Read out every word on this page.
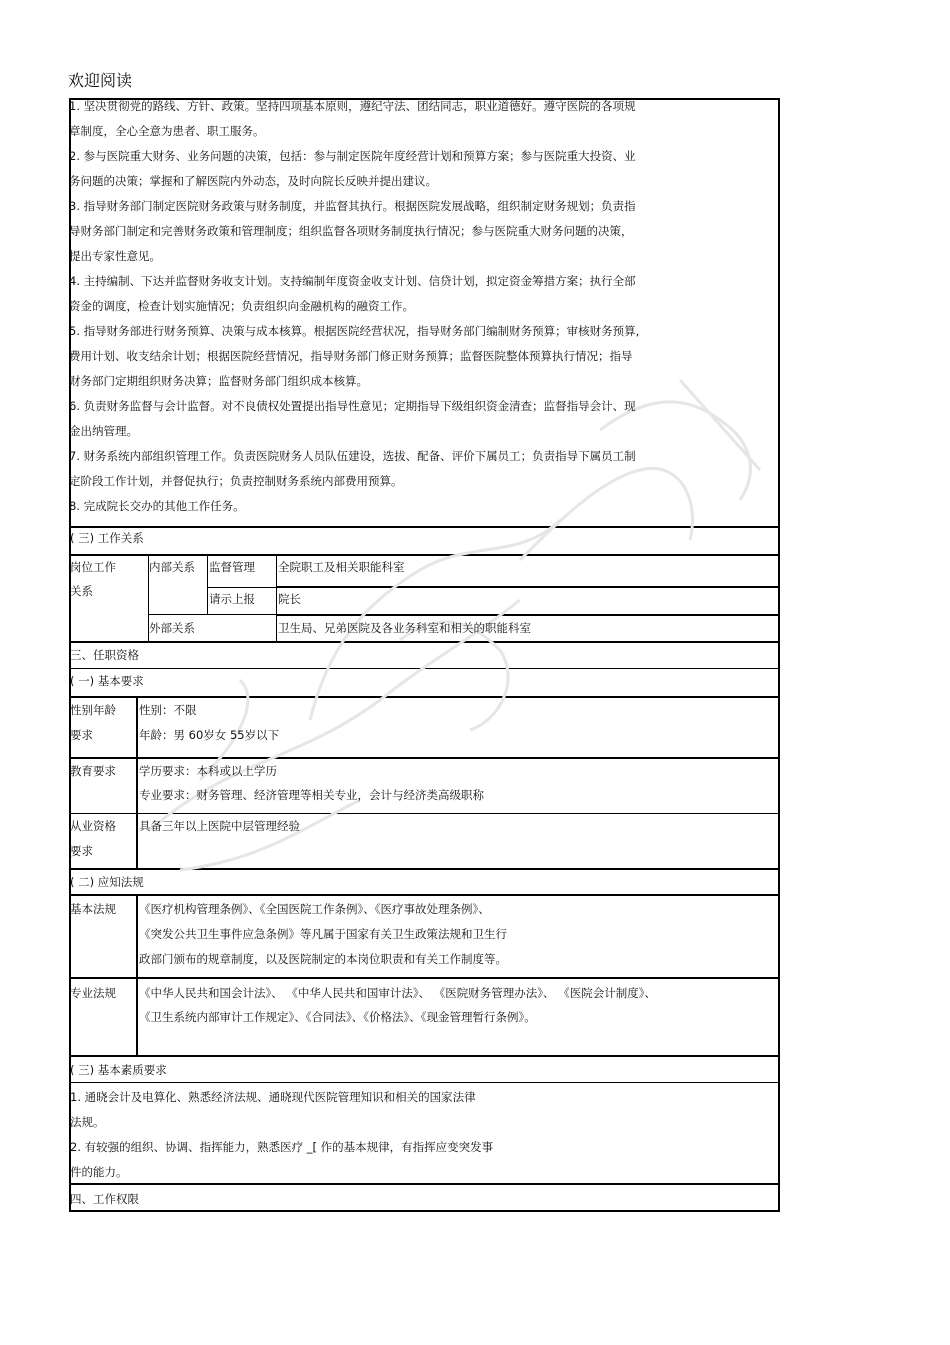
欢迎阅读
1. 坚决贯彻党的路线、方针、政策。坚持四项基本原则，遵纪守法、团结同志，职业道德好。遵守医院的各项规
章制度，全心全意为患者、职工服务。
2. 参与医院重大财务、业务问题的决策，包括：参与制定医院年度经营计划和预算方案；参与医院重大投资、业
务问题的决策；掌握和了解医院内外动态，及时向院长反映并提出建议。
3. 指导财务部门制定医院财务政策与财务制度，并监督其执行。根据医院发展战略，组织制定财务规划；负责指
导财务部门制定和完善财务政策和管理制度；组织监督各项财务制度执行情况；参与医院重大财务问题的决策，
提出专家性意见。
4. 主持编制、下达并监督财务收支计划。支持编制年度资金收支计划、信贷计划，拟定资金筹措方案；执行全部
资金的调度，检查计划实施情况；负责组织向金融机构的融资工作。
5. 指导财务部进行财务预算、决策与成本核算。根据医院经营状况，指导财务部门编制财务预算；审核财务预算,
费用计划、收支结余计划；根据医院经营情况，指导财务部门修正财务预算；监督医院整体预算执行情况；指导
财务部门定期组织财务决算；监督财务部门组织成本核算。
6. 负责财务监督与会计监督。对不良债权处置提出指导性意见；定期指导下级组织资金清查；监督指导会计、现
金出纳管理。
7. 财务系统内部组织管理工作。负责医院财务人员队伍建设，选拔、配备、评价下属员工；负责指导下属员工制
定阶段工作计划，并督促执行；负责控制财务系统内部费用预算。
8. 完成院长交办的其他工作任务。
( 三) 工作关系
岗位工作
关系
内部关系 监督管理 全院职工及相关职能科室
请示上报 院长
外部关系	卫生局、兄弟医院及各业务科室和相关的职能科室
三、任职资格
( 一) 基本要求
性别年龄
要求
性别：不限
年龄：男 60岁女 55岁以下
教育要求 学历要求：本科或以上学历
专业要求：财务管理、经济管理等相关专业，会计与经济类高级职称
从业资格
要求
具备三年以上医院中层管理经验
( 二) 应知法规
基本法规 《医疗机构管理条例》、《全国医院工作条例》、《医疗事故处理条例》、
《突发公共卫生事件应急条例》等凡属于国家有关卫生政策法规和卫生行
政部门颁布的规章制度，以及医院制定的本岗位职责和有关工作制度等。
专业法规 《中华人民共和国会计法》、 《中华人民共和国审计法》、 《医院财务管理办法》、 《医院会计制度》、
《卫生系统内部审计工作规定》、《合同法》、《价格法》、《现金管理暂行条例》。
( 三) 基本素质要求
1. 通晓会计及电算化、熟悉经济法规、通晓现代医院管理知识和相关的国家法律
法规。
2. 有较强的组织、协调、指挥能力，熟悉医疗 _[ 作的基本规律，有指挥应变突发事
件的能力。
四、工作权限
